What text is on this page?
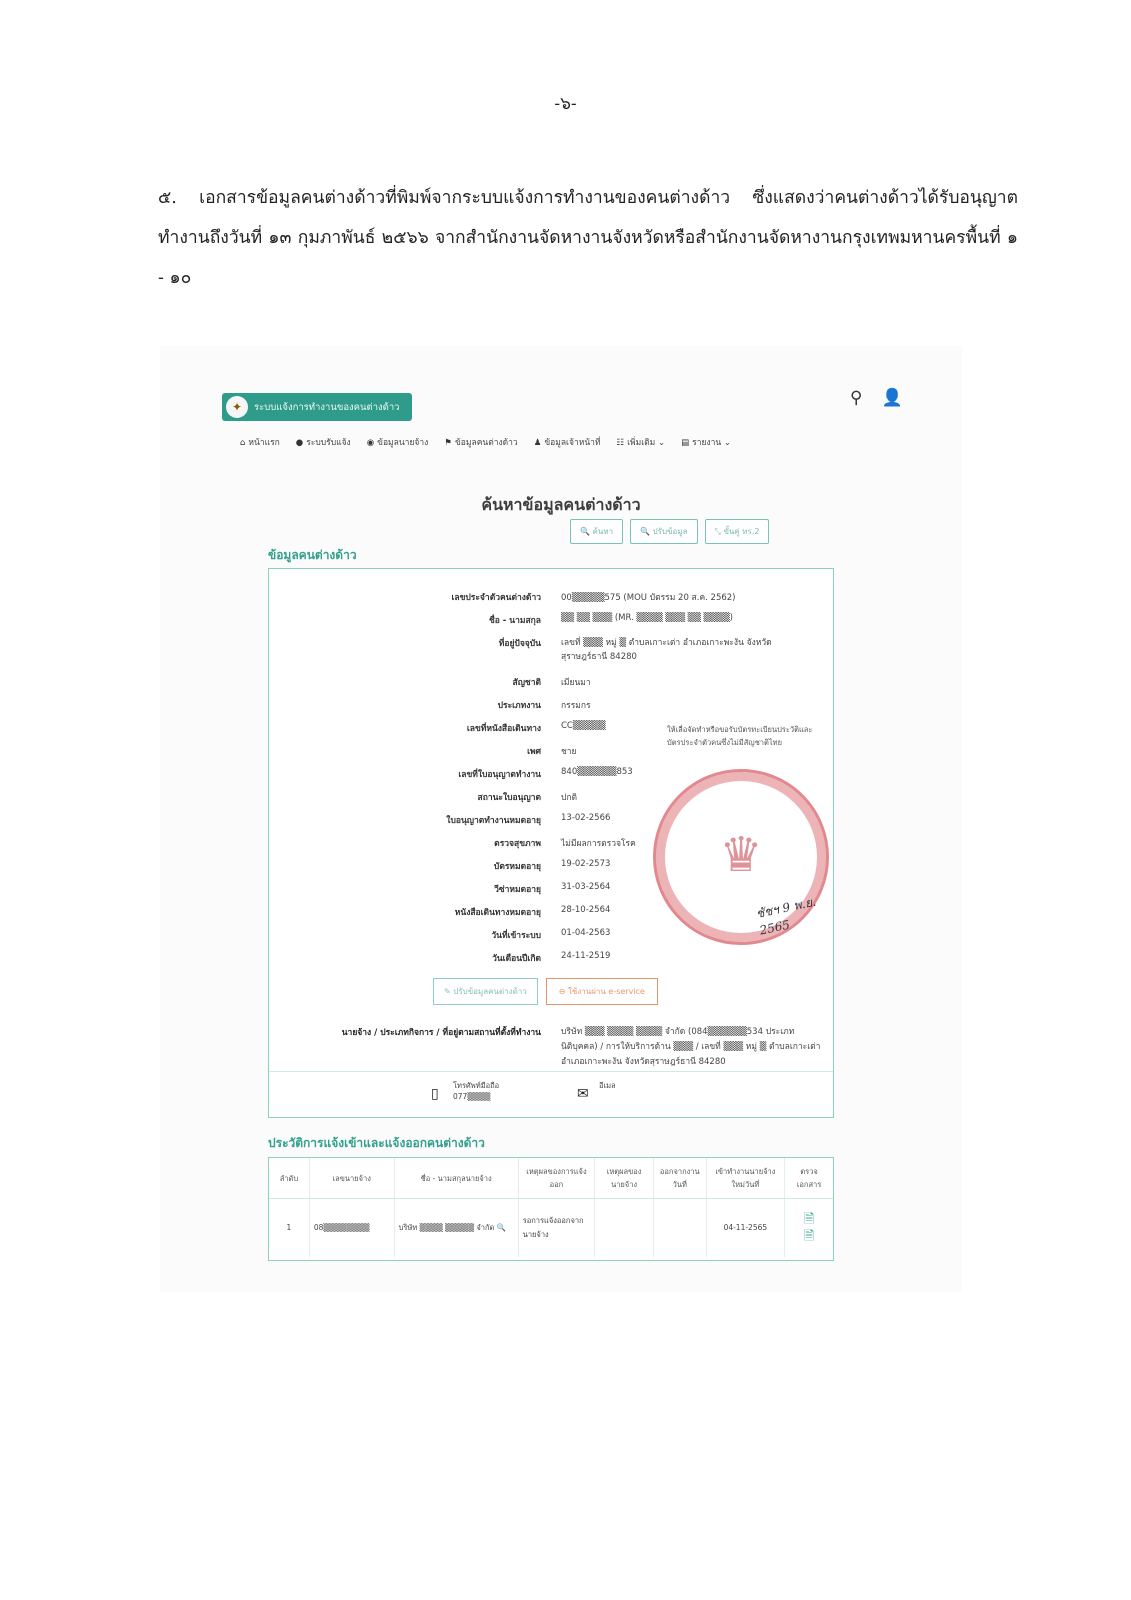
-๖-
๕. เอกสารข้อมูลคนต่างด้าวที่พิมพ์จากระบบแจ้งการทำงานของคนต่างด้าว ซึ่งแสดงว่าคนต่างด้าวได้รับอนุญาตทำงานถึงวันที่ ๑๓ กุมภาพันธ์ ๒๕๖๖ จากสำนักงานจัดหางานจังหวัดหรือสำนักงานจัดหางานกรุงเทพมหานครพื้นที่ ๑ - ๑๐
✦	ระบบแจ้งการทำงานของคนต่างด้าว	⚲ 👤
⌂ หน้าแรก ● ระบบรับแจ้ง ◉ ข้อมูลนายจ้าง ⚑ ข้อมูลคนต่างด้าว ♟ ข้อมูลเจ้าหน้าที่ ☷ เพิ่มเติม ⌄ ▤ รายงาน ⌄
ค้นหาข้อมูลคนต่างด้าว
🔍 ค้นหา	🔍 ปรับข้อมูล	⤡ ขั้นคู่ ทร.2
ข้อมูลคนต่างด้าว
เลขประจำตัวคนต่างด้าว 00▒▒▒▒▒575 (MOU บัตรรม 20 ส.ค. 2562)
ชื่อ - นามสกุล ▒▒ ▒▒ ▒▒▒ (MR. ▒▒▒▒ ▒▒▒ ▒▒ ▒▒▒▒)
ที่อยู่ปัจจุบัน เลขที่ ▒▒▒ หมู่ ▒ ตำบลเกาะเต่า อำเภอเกาะพะงัน จังหวัดสุราษฎร์ธานี 84280
สัญชาติ เมียนมา
ประเภทงาน กรรมกร
เลขที่หนังสือเดินทาง CC▒▒▒▒▒
เพศ ชาย
เลขที่ใบอนุญาตทำงาน 840▒▒▒▒▒▒853
สถานะใบอนุญาต ปกติ
ใบอนุญาตทำงานหมดอายุ 13-02-2566
ตรวจสุขภาพ ไม่มีผลการตรวจโรค
บัตรหมดอายุ 19-02-2573
วีซ่าหมดอายุ 31-03-2564
หนังสือเดินทางหมดอายุ 28-10-2564
วันที่เข้าระบบ 01-04-2563
วันเดือนปีเกิด 24-11-2519
ให้เลื่อจัดทำหรือขอรับบัตรทะเบียนประวัติและบัตรประจำตัวคนซึ่งไม่มีสัญชาติไทย
♛
ชัชฯ 9 พ.ย. 2565
✎ ปรับข้อมูลคนต่างด้าว	⊖ ใช้งานผ่าน e-service
นายจ้าง / ประเภทกิจการ / ที่อยู่ตามสถานที่ตั้งที่ทำงาน บริษัท ▒▒▒ ▒▒▒▒ ▒▒▒▒ จำกัด (084▒▒▒▒▒▒534 ประเภทนิติบุคคล) / การให้บริการด้าน ▒▒▒ / เลขที่ ▒▒▒ หมู่ ▒ ตำบลเกาะเต่า อำเภอเกาะพะงัน จังหวัดสุราษฎร์ธานี 84280
▯
โทรศัพท์มือถือ
077▒▒▒▒	✉
อีเมล
ประวัติการแจ้งเข้าและแจ้งออกคนต่างด้าว
ลำดับ	เลขนายจ้าง	ชื่อ - นามสกุลนายจ้าง	เหตุผลของการแจ้งออก	เหตุผลของนายจ้าง	ออกจากงานวันที่	เข้าทำงานนายจ้างใหม่วันที่	ตรวจเอกสาร
1	08▒▒▒▒▒▒▒▒	บริษัท ▒▒▒▒ ▒▒▒▒▒ จำกัด 🔍	รอการแจ้งออกจากนายจ้าง			04-11-2565	🗎
🗎
